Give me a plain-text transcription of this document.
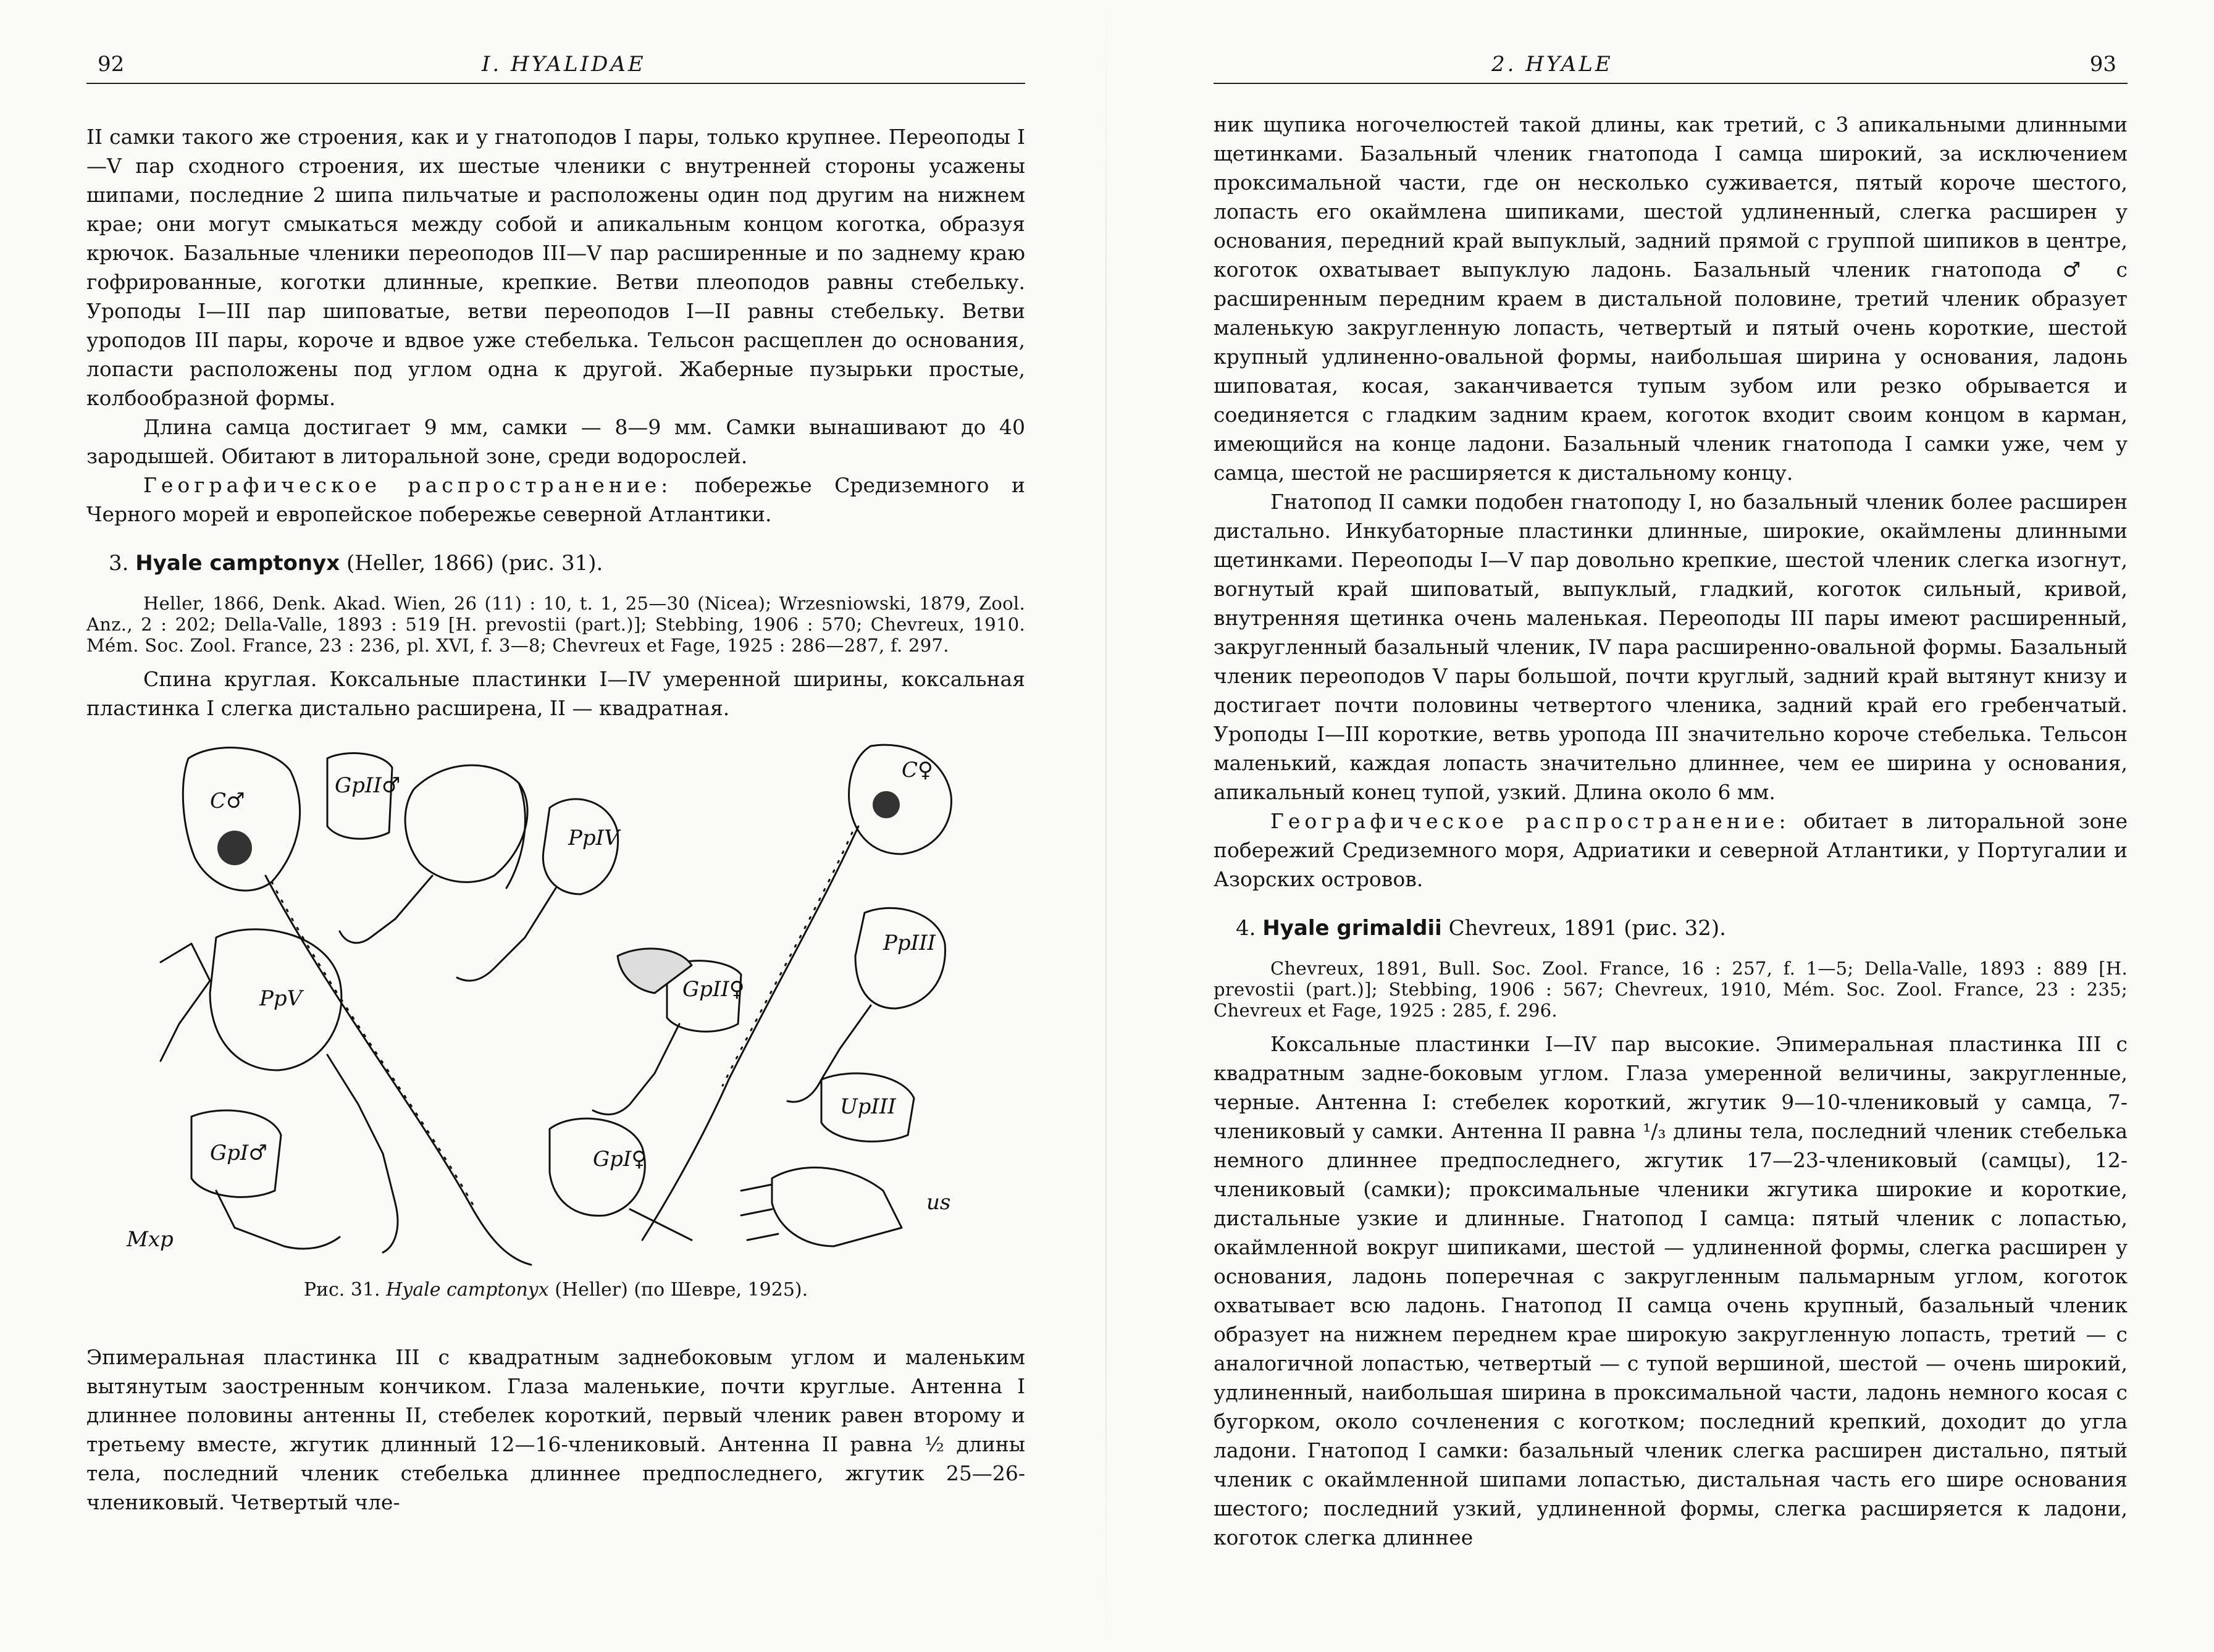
92	I. HYALIDAE

II самки такого же строения, как и у гнатоподов I пары, только крупнее. Переоподы I—V пар сходного строения, их шестые членики с внутренней стороны усажены шипами, последние 2 шипа пильчатые и расположены один под другим на нижнем крае; они могут смыкаться между собой и апикальным концом коготка, образуя крючок. Базальные членики переоподов III—V пар расширенные и по заднему краю гофрированные, коготки длинные, крепкие. Ветви плеоподов равны стебельку. Уроподы I—III пар шиповатые, ветви переоподов I—II равны стебельку. Ветви уроподов III пары, короче и вдвое уже стебелька. Тельсон расщеплен до основания, лопасти расположены под углом одна к другой. Жаберные пузырьки простые, колбообразной формы.

Длина самца достигает 9 мм, самки — 8—9 мм. Самки вынашивают до 40 зародышей. Обитают в литоральной зоне, среди водорослей.

Географическое распространение: побережье Средиземного и Черного морей и европейское побережье северной Атлантики.

3. Hyale camptonyx (Heller, 1866) (рис. 31).

Heller, 1866, Denk. Akad. Wien, 26 (11) : 10, t. 1, 25—30 (Nicea); Wrzesniowski, 1879, Zool. Anz., 2 : 202; Della-Valle, 1893 : 519 [H. prevostii (part.)]; Stebbing, 1906 : 570; Chevreux, 1910. Mém. Soc. Zool. France, 23 : 236, pl. XVI, f. 3—8; Chevreux et Fage, 1925 : 286—287, f. 297.

Спина круглая. Коксальные пластинки I—IV умеренной ширины, коксальная пластинка I слегка дистально расширена, II — квадратная.

C♂
GpII♂
PpIV
C♀
PpIII
GpII♀
PpV
UpIII
GpI♂	GpI♀
us
Mxp

Рис. 31. Hyale camptonyx (Heller) (по Шевре, 1925).

Эпимеральная пластинка III с квадратным заднебоковым углом и маленьким вытянутым заостренным кончиком. Глаза маленькие, почти круглые. Антенна I длиннее половины антенны II, стебелек короткий, первый членик равен второму и третьему вместе, жгутик длинный 12—16-члениковый. Антенна II равна ½ длины тела, последний членик стебелька длиннее предпоследнего, жгутик 25—26-члениковый. Четвертый чле-

2. HYALE	93

ник щупика ногочелюстей такой длины, как третий, с 3 апикальными длинными щетинками. Базальный членик гнатопода I самца широкий, за исключением проксимальной части, где он несколько суживается, пятый короче шестого, лопасть его окаймлена шипиками, шестой удлиненный, слегка расширен у основания, передний край выпуклый, задний прямой с группой шипиков в центре, коготок охватывает выпуклую ладонь. Базальный членик гнатопода ♂ с расширенным передним краем в дистальной половине, третий членик образует маленькую закругленную лопасть, четвертый и пятый очень короткие, шестой крупный удлиненно-овальной формы, наибольшая ширина у основания, ладонь шиповатая, косая, заканчивается тупым зубом или резко обрывается и соединяется с гладким задним краем, коготок входит своим концом в карман, имеющийся на конце ладони. Базальный членик гнатопода I самки уже, чем у самца, шестой не расширяется к дистальному концу.

Гнатопод II самки подобен гнатоподу I, но базальный членик более расширен дистально. Инкубаторные пластинки длинные, широкие, окаймлены длинными щетинками. Переоподы I—V пар довольно крепкие, шестой членик слегка изогнут, вогнутый край шиповатый, выпуклый, гладкий, коготок сильный, кривой, внутренняя щетинка очень маленькая. Переоподы III пары имеют расширенный, закругленный базальный членик, IV пара расширенно-овальной формы. Базальный членик переоподов V пары большой, почти круглый, задний край вытянут книзу и достигает почти половины четвертого членика, задний край его гребенчатый. Уроподы I—III короткие, ветвь уропода III значительно короче стебелька. Тельсон маленький, каждая лопасть значительно длиннее, чем ее ширина у основания, апикальный конец тупой, узкий. Длина около 6 мм.

Географическое распространение: обитает в литоральной зоне побережий Средиземного моря, Адриатики и северной Атлантики, у Португалии и Азорских островов.

4. Hyale grimaldii Chevreux, 1891 (рис. 32).

Chevreux, 1891, Bull. Soc. Zool. France, 16 : 257, f. 1—5; Della-Valle, 1893 : 889 [H. prevostii (part.)]; Stebbing, 1906 : 567; Chevreux, 1910, Mém. Soc. Zool. France, 23 : 235; Chevreux et Fage, 1925 : 285, f. 296.

Коксальные пластинки I—IV пар высокие. Эпимеральная пластинка III с квадратным задне-боковым углом. Глаза умеренной величины, закругленные, черные. Антенна I: стебелек короткий, жгутик 9—10-члениковый у самца, 7-члениковый у самки. Антенна II равна ¹/₃ длины тела, последний членик стебелька немного длиннее предпоследнего, жгутик 17—23-члениковый (самцы), 12-члениковый (самки); проксимальные членики жгутика широкие и короткие, дистальные узкие и длинные. Гнатопод I самца: пятый членик с лопастью, окаймленной вокруг шипиками, шестой — удлиненной формы, слегка расширен у основания, ладонь поперечная с закругленным пальмарным углом, коготок охватывает всю ладонь. Гнатопод II самца очень крупный, базальный членик образует на нижнем переднем крае широкую закругленную лопасть, третий — с аналогичной лопастью, четвертый — с тупой вершиной, шестой — очень широкий, удлиненный, наибольшая ширина в проксимальной части, ладонь немного косая с бугорком, около сочленения с коготком; последний крепкий, доходит до угла ладони. Гнатопод I самки: базальный членик слегка расширен дистально, пятый членик с окаймленной шипами лопастью, дистальная часть его шире основания шестого; последний узкий, удлиненной формы, слегка расширяется к ладони, коготок слегка длиннее
